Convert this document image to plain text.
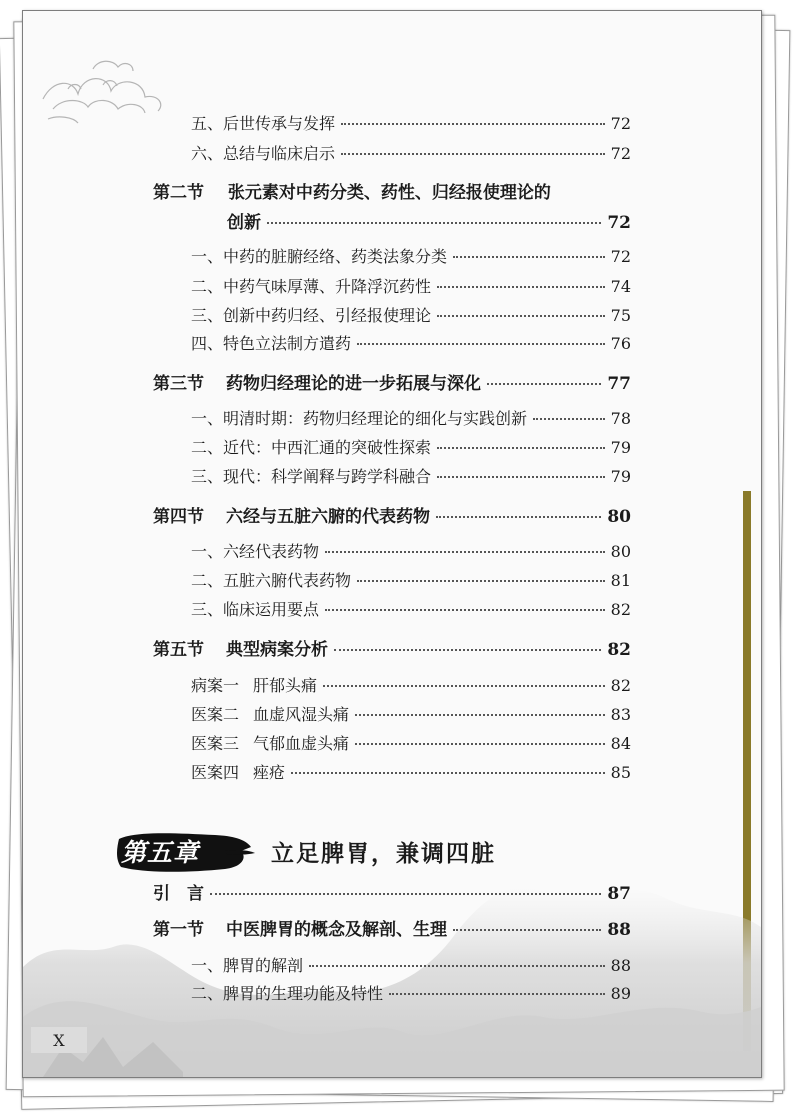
五、后世传承与发挥	72
六、总结与临床启示	72
第二节 张元素对中药分类、药性、归经报使理论的
创新	72
一、中药的脏腑经络、药类法象分类	72
二、中药气味厚薄、升降浮沉药性	74
三、创新中药归经、引经报使理论	75
四、特色立法制方遣药	76
第三节 药物归经理论的进一步拓展与深化	77
一、明清时期：药物归经理论的细化与实践创新	78
二、近代：中西汇通的突破性探索	79
三、现代：科学阐释与跨学科融合	79
第四节 六经与五脏六腑的代表药物	80
一、六经代表药物	80
二、五脏六腑代表药物	81
三、临床运用要点	82
第五节 典型病案分析	82
病案一 肝郁头痛	82
医案二 血虚风湿头痛	83
医案三 气郁血虚头痛	84
医案四 痤疮	85
第五章	立足脾胃，兼调四脏
引　言	87
第一节 中医脾胃的概念及解剖、生理	88
一、脾胃的解剖	88
二、脾胃的生理功能及特性	89
X
